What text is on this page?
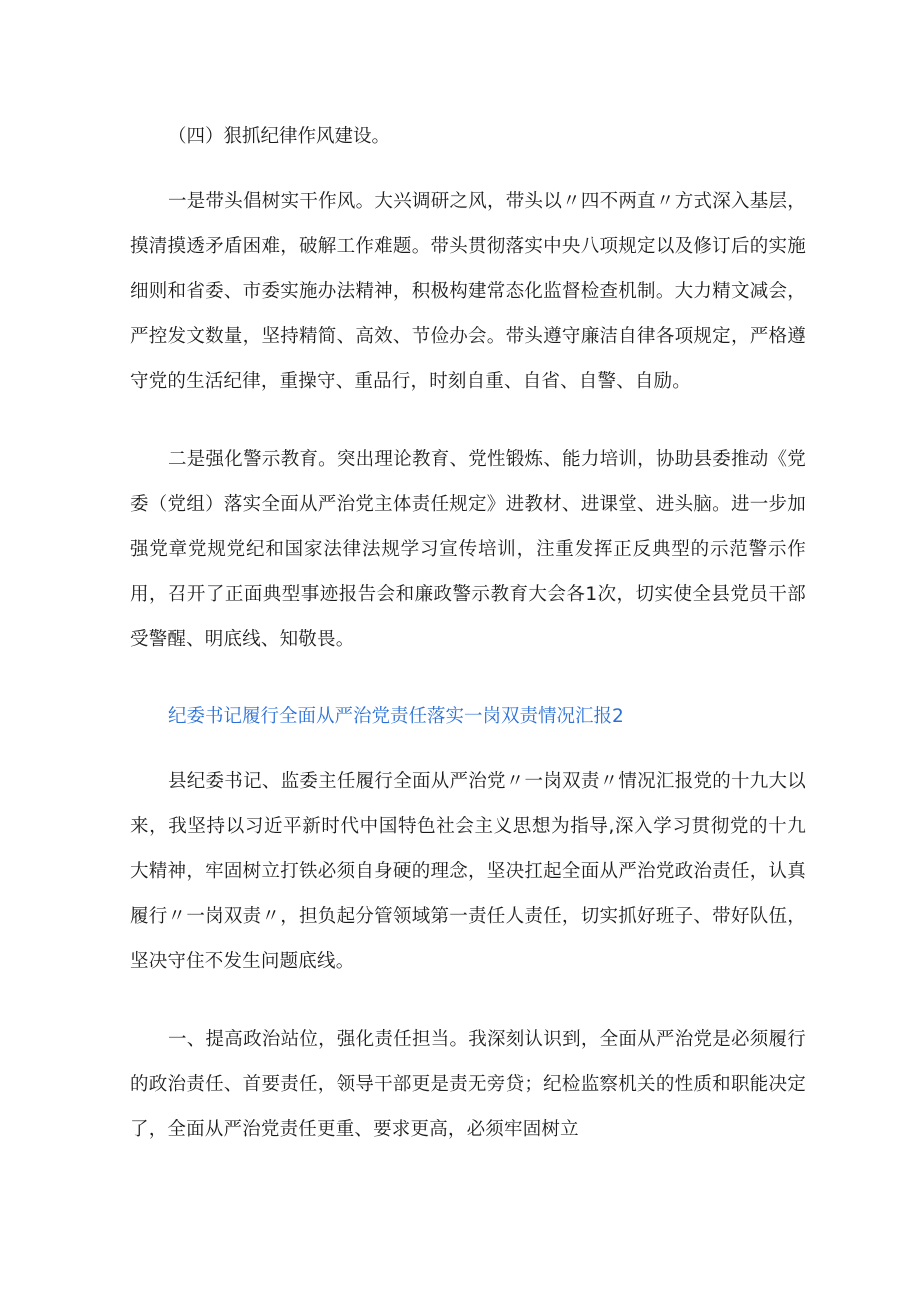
（四）狠抓纪律作风建设。

一是带头倡树实干作风。大兴调研之风，带头以〃四不两直〃方式深入基层，摸清摸透矛盾困难，破解工作难题。带头贯彻落实中央八项规定以及修订后的实施细则和省委、市委实施办法精神，积极构建常态化监督检查机制。大力精文减会，严控发文数量，坚持精简、高效、节俭办会。带头遵守廉洁自律各项规定，严格遵守党的生活纪律，重操守、重品行，时刻自重、自省、自警、自励。

二是强化警示教育。突出理论教育、党性锻炼、能力培训，协助县委推动《党委（党组）落实全面从严治党主体责任规定》进教材、进课堂、进头脑。进一步加强党章党规党纪和国家法律法规学习宣传培训，注重发挥正反典型的示范警示作用，召开了正面典型事迹报告会和廉政警示教育大会各1次，切实使全县党员干部受警醒、明底线、知敬畏。

纪委书记履行全面从严治党责任落实一岗双责情况汇报2

县纪委书记、监委主任履行全面从严治党〃一岗双责〃情况汇报党的十九大以来，我坚持以习近平新时代中国特色社会主义思想为指导,深入学习贯彻党的十九大精神，牢固树立打铁必须自身硬的理念，坚决扛起全面从严治党政治责任，认真履行〃一岗双责〃，担负起分管领域第一责任人责任，切实抓好班子、带好队伍，坚决守住不发生问题底线。

一、提高政治站位，强化责任担当。我深刻认识到，全面从严治党是必须履行的政治责任、首要责任，领导干部更是责无旁贷；纪检监察机关的性质和职能决定了，全面从严治党责任更重、要求更高，必须牢固树立
